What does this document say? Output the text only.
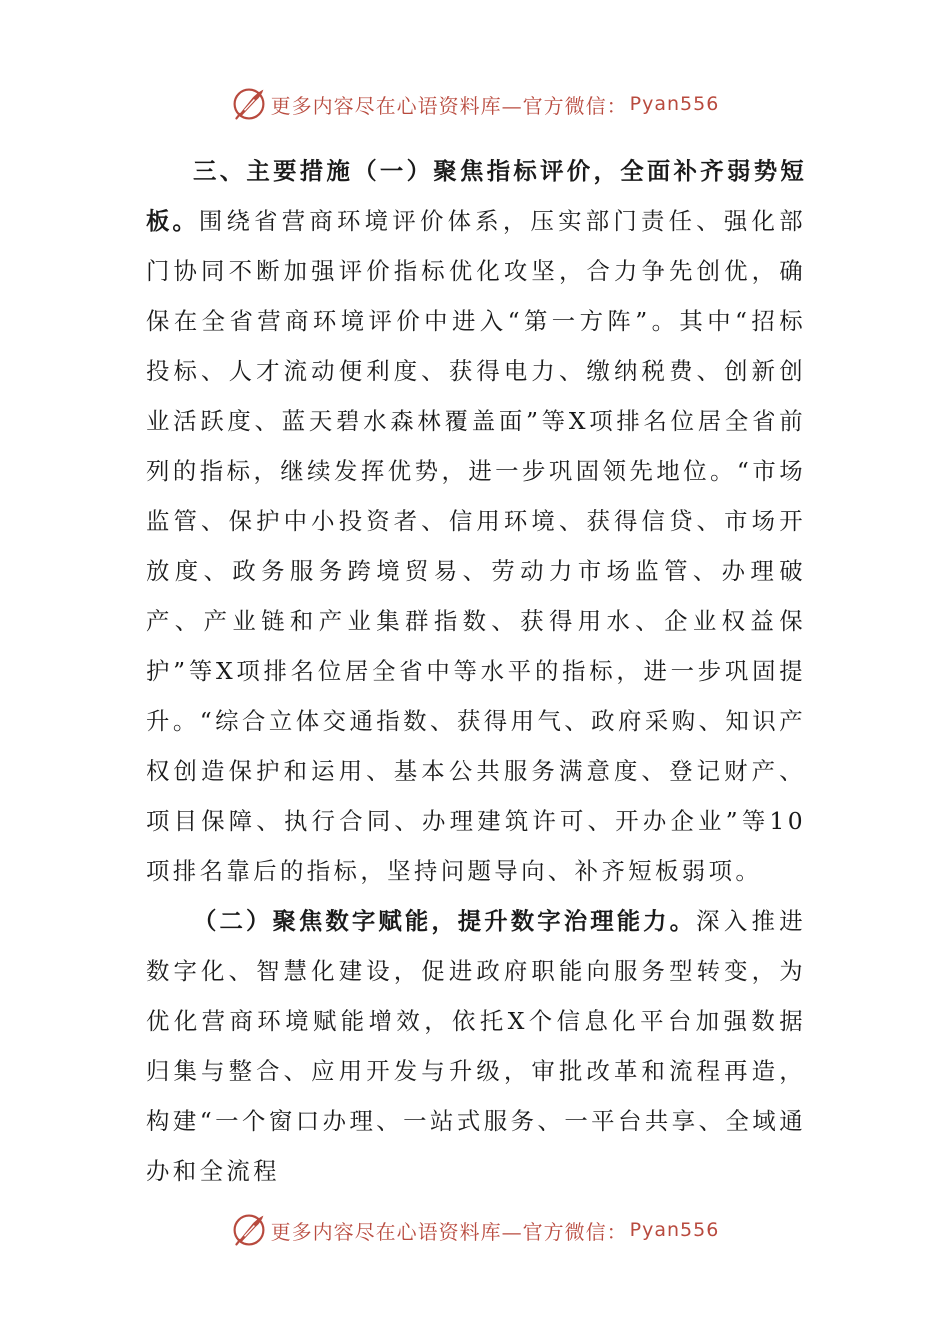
更多内容尽在心语资料库—官方微信： Pyan556

三、主要措施（一）聚焦指标评价，全面补齐弱势短板。围绕省营商环境评价体系，压实部门责任、强化部门协同不断加强评价指标优化攻坚，合力争先创优，确保在全省营商环境评价中进入“第一方阵”。其中“招标投标、人才流动便利度、获得电力、缴纳税费、创新创业活跃度、蓝天碧水森林覆盖面”等X项排名位居全省前列的指标，继续发挥优势，进一步巩固领先地位。“市场监管、保护中小投资者、信用环境、获得信贷、市场开放度、政务服务跨境贸易、劳动力市场监管、办理破产、产业链和产业集群指数、获得用水、企业权益保护”等X项排名位居全省中等水平的指标，进一步巩固提升。“综合立体交通指数、获得用气、政府采购、知识产权创造保护和运用、基本公共服务满意度、登记财产、项目保障、执行合同、办理建筑许可、开办企业”等10项排名靠后的指标，坚持问题导向、补齐短板弱项。

（二）聚焦数字赋能，提升数字治理能力。深入推进数字化、智慧化建设，促进政府职能向服务型转变，为优化营商环境赋能增效，依托X个信息化平台加强数据归集与整合、应用开发与升级，审批改革和流程再造，构建“一个窗口办理、一站式服务、一平台共享、全域通办和全流程

更多内容尽在心语资料库—官方微信： Pyan556
